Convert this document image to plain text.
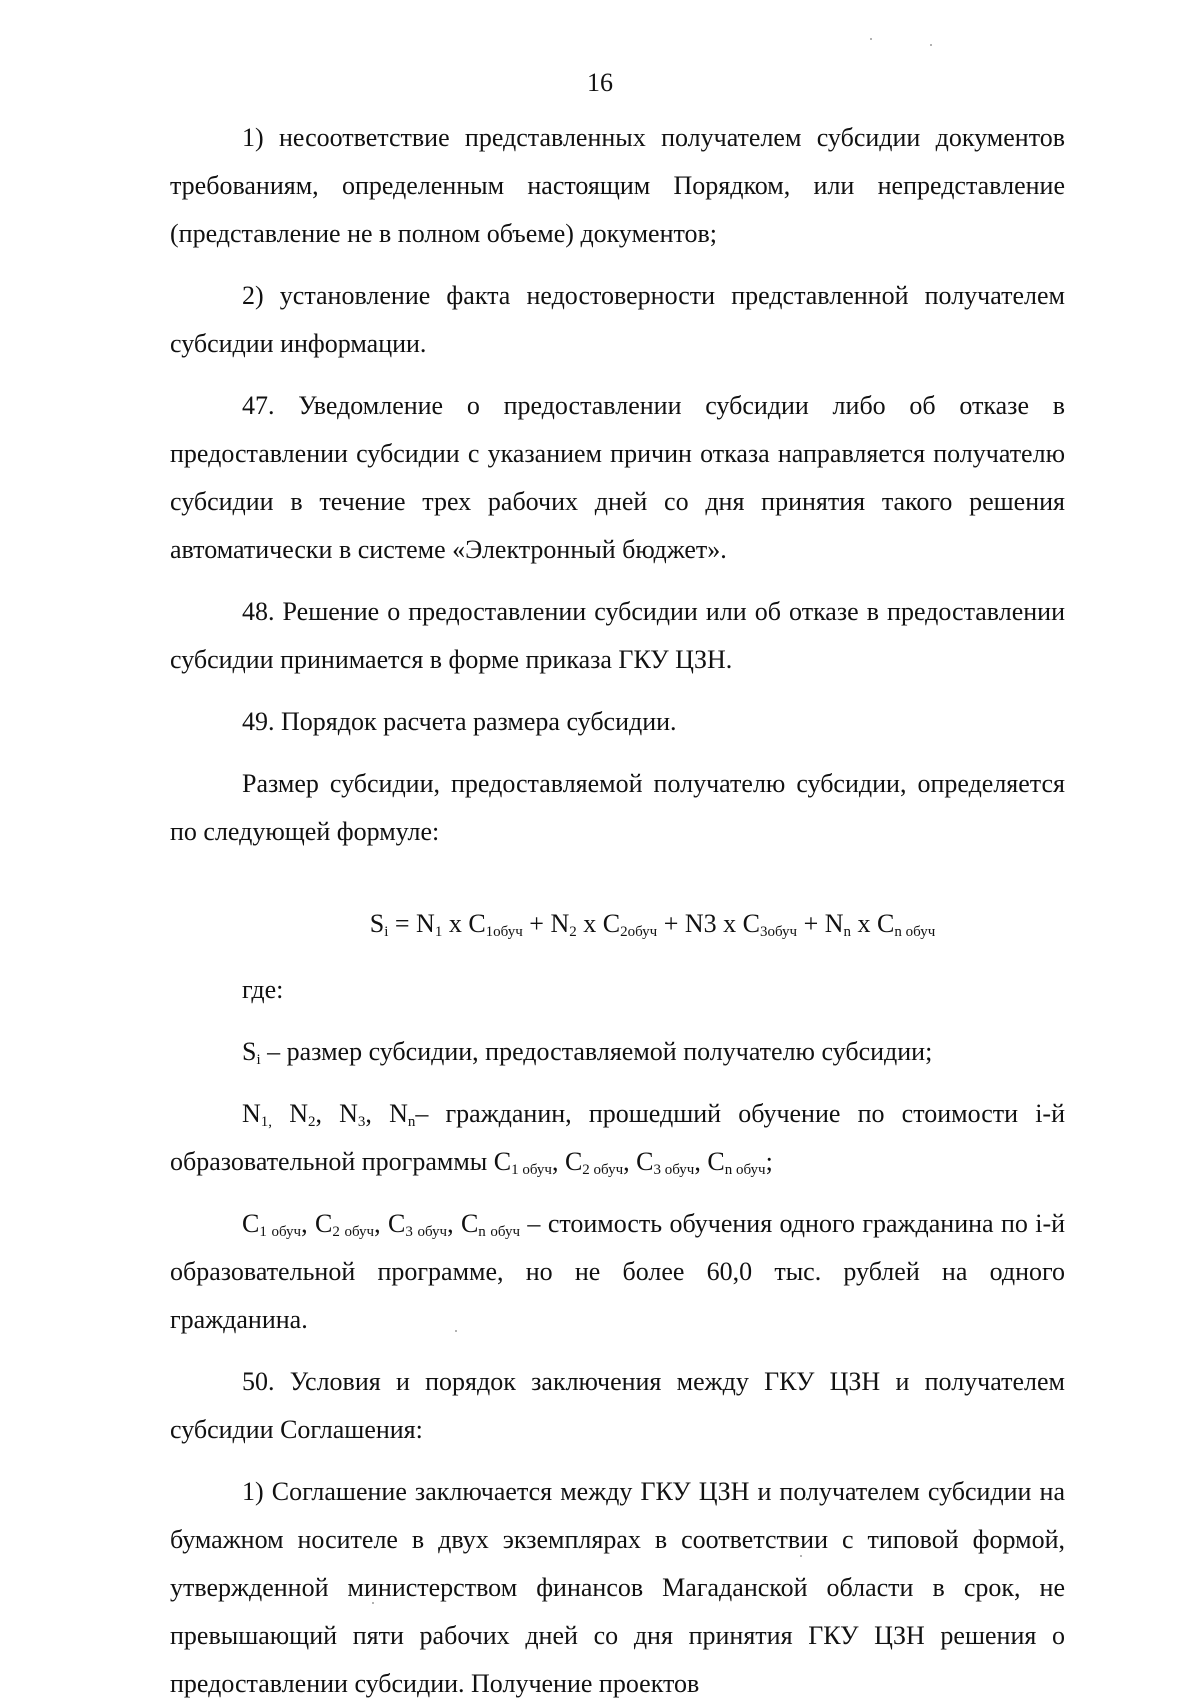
16

1) несоответствие представленных получателем субсидии документов требованиям, определенным настоящим Порядком, или непредставление (представление не в полном объеме) документов;

2) установление факта недостоверности представленной получателем субсидии информации.

47. Уведомление о предоставлении субсидии либо об отказе в предоставлении субсидии с указанием причин отказа направляется получателю субсидии в течение трех рабочих дней со дня принятия такого решения автоматически в системе «Электронный бюджет».

48. Решение о предоставлении субсидии или об отказе в предоставлении субсидии принимается в форме приказа ГКУ ЦЗН.

49. Порядок расчета размера субсидии.

Размер субсидии, предоставляемой получателю субсидии, определяется по следующей формуле:

$S_i = N_1$ x $C_{1обуч} + N_2$ x $C_{2обуч} + N3$ x $C_{3обуч} + N_n$ x $C_{n обуч}$

где:

$S_i$ – размер субсидии, предоставляемой получателю субсидии;

$N_{1,}$ $N_2$, $N_3$, $N_n-$ гражданин, прошедший обучение по стоимости i-й образовательной программы $C_{1 обуч}$, $C_{2 обуч}$, $C_{3 обуч}$, $C_{n обуч}$;

$C_{1 обуч}$, $C_{2 обуч}$, $C_{3 обуч}$, $C_{n обуч}$ – стоимость обучения одного гражданина по i-й образовательной программе, но не более 60,0 тыс. рублей на одного гражданина.

50. Условия и порядок заключения между ГКУ ЦЗН и получателем субсидии Соглашения:

1) Соглашение заключается между ГКУ ЦЗН и получателем субсидии на бумажном носителе в двух экземплярах в соответствии с типовой формой, утвержденной министерством финансов Магаданской области в срок, не превышающий пяти рабочих дней со дня принятия ГКУ ЦЗН решения о предоставлении субсидии. Получение проектов
